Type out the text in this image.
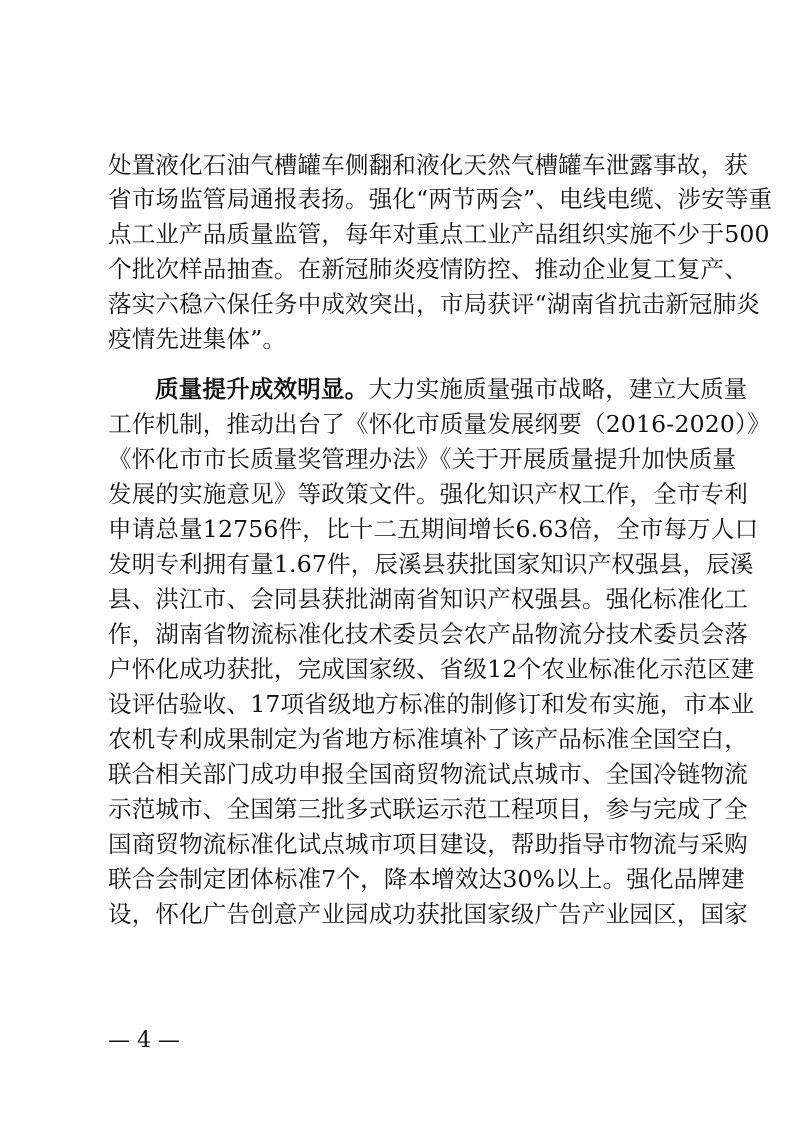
处置液化石油气槽罐车侧翻和液化天然气槽罐车泄露事故，获
省市场监管局通报表扬。强化“两节两会”、电线电缆、涉安等重
点工业产品质量监管，每年对重点工业产品组织实施不少于500
个批次样品抽查。在新冠肺炎疫情防控、推动企业复工复产、
落实六稳六保任务中成效突出，市局获评“湖南省抗击新冠肺炎
疫情先进集体”。
质量提升成效明显。大力实施质量强市战略，建立大质量
工作机制，推动出台了《怀化市质量发展纲要（2016-2020）》
《怀化市市长质量奖管理办法》《关于开展质量提升加快质量
发展的实施意见》等政策文件。强化知识产权工作，全市专利
申请总量12756件，比十二五期间增长6.63倍，全市每万人口
发明专利拥有量1.67件，辰溪县获批国家知识产权强县，辰溪
县、洪江市、会同县获批湖南省知识产权强县。强化标准化工
作，湖南省物流标准化技术委员会农产品物流分技术委员会落
户怀化成功获批，完成国家级、省级12个农业标准化示范区建
设评估验收、17项省级地方标准的制修订和发布实施，市本业
农机专利成果制定为省地方标准填补了该产品标准全国空白，
联合相关部门成功申报全国商贸物流试点城市、全国冷链物流
示范城市、全国第三批多式联运示范工程项目，参与完成了全
国商贸物流标准化试点城市项目建设，帮助指导市物流与采购
联合会制定团体标准7个，降本增效达30%以上。强化品牌建
设，怀化广告创意产业园成功获批国家级广告产业园区，国家
— 4 —
